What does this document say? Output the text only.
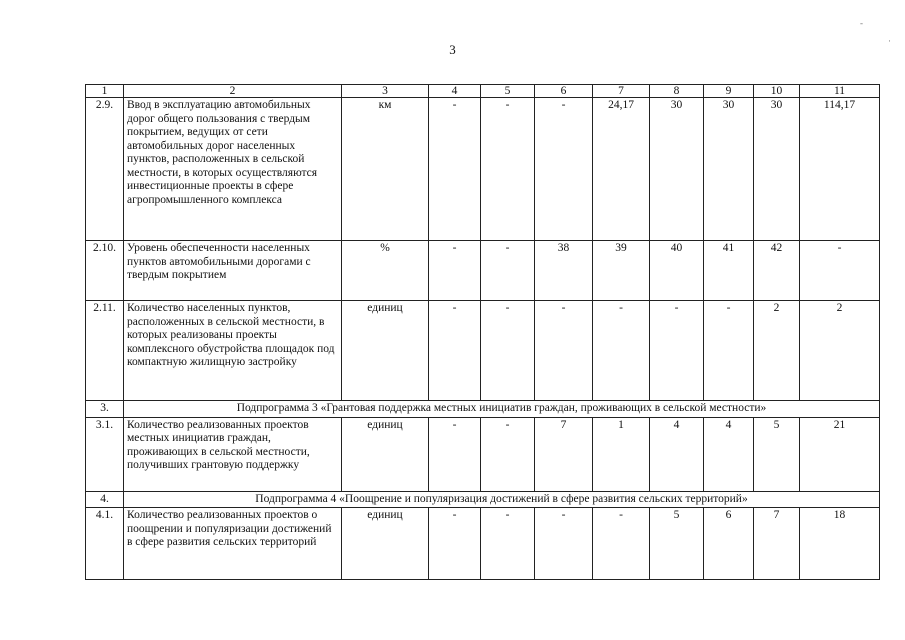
3
-
·
1	2	3	4	5	6	7	8	9	10	11
2.9.	Ввод в эксплуатацию автомобильных дорог общего пользования с твердым покрытием, ведущих от сети автомобильных дорог населенных пунктов, расположенных в сельской местности, в которых осуществляются инвестиционные проекты в сфере агропромышленного комплекса	км	-	-	-	24,17	30	30	30	114,17
2.10.	Уровень обеспеченности населенных пунктов автомобильными дорогами с твердым покрытием	%	-	-	38	39	40	41	42	-
2.11.	Количество населенных пунктов, расположенных в сельской местности, в которых реализованы проекты комплексного обустройства площадок под компактную жилищную застройку	единиц	-	-	-	-	-	-	2	2
3.	Подпрограмма 3 «Грантовая поддержка местных инициатив граждан, проживающих в сельской местности»									
3.1.	Количество реализованных проектов местных инициатив граждан, проживающих в сельской местности, получивших грантовую поддержку	единиц	-	-	7	1	4	4	5	21
4.	Подпрограмма 4 «Поощрение и популяризация достижений в сфере развития сельских территорий»									
4.1.	Количество реализованных проектов о поощрении и популяризации достижений в сфере развития сельских территорий	единиц	-	-	-	-	5	6	7	18
